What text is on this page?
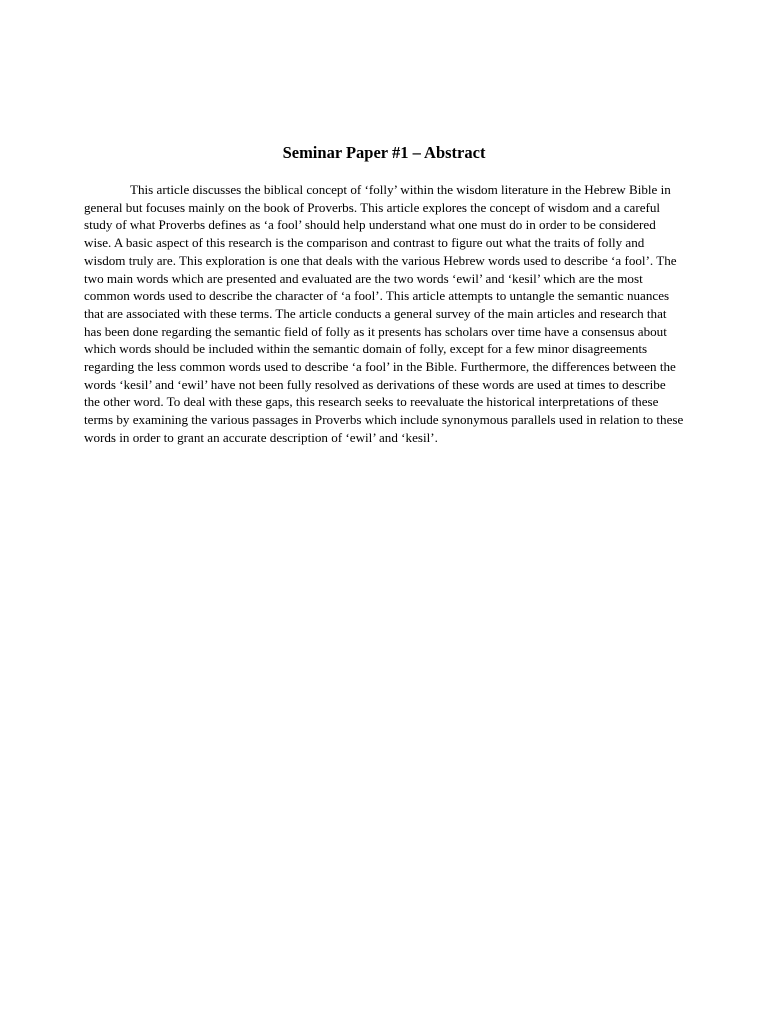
Seminar Paper #1 – Abstract

This article discusses the biblical concept of ‘folly’ within the wisdom literature in the Hebrew Bible in general but focuses mainly on the book of Proverbs. This article explores the concept of wisdom and a careful study of what Proverbs defines as ‘a fool’ should help understand what one must do in order to be considered wise. A basic aspect of this research is the comparison and contrast to figure out what the traits of folly and wisdom truly are. This exploration is one that deals with the various Hebrew words used to describe ‘a fool’. The two main words which are presented and evaluated are the two words ‘ewil’ and ‘kesil’ which are the most common words used to describe the character of ‘a fool’. This article attempts to untangle the semantic nuances that are associated with these terms. The article conducts a general survey of the main articles and research that has been done regarding the semantic field of folly as it presents has scholars over time have a consensus about which words should be included within the semantic domain of folly, except for a few minor disagreements regarding the less common words used to describe ‘a fool’ in the Bible. Furthermore, the differences between the words ‘kesil’ and ‘ewil’ have not been fully resolved as derivations of these words are used at times to describe the other word. To deal with these gaps, this research seeks to reevaluate the historical interpretations of these terms by examining the various passages in Proverbs which include synonymous parallels used in relation to these words in order to grant an accurate description of ‘ewil’ and ‘kesil’.
